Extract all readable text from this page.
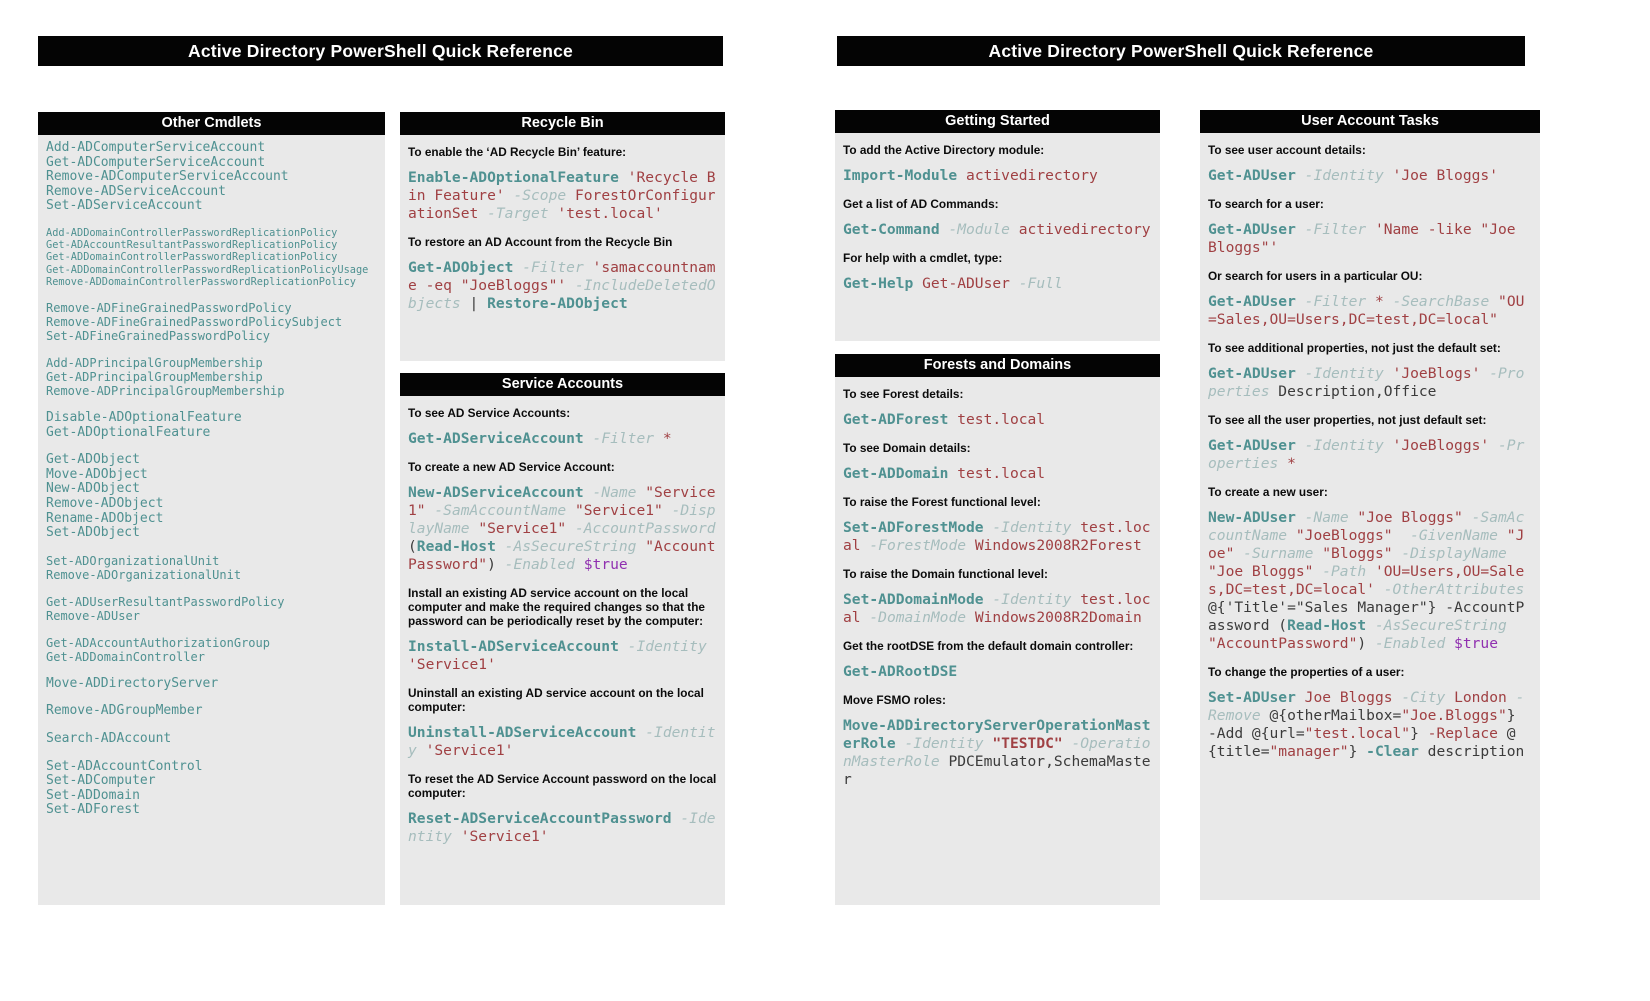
Active Directory PowerShell Quick Reference	Active Directory PowerShell Quick Reference
Other Cmdlets
Add-ADComputerServiceAccount
Get-ADComputerServiceAccount
Remove-ADComputerServiceAccount
Remove-ADServiceAccount
Set-ADServiceAccount
Add-ADDomainControllerPasswordReplicationPolicy
Get-ADAccountResultantPasswordReplicationPolicy
Get-ADDomainControllerPasswordReplicationPolicy
Get-ADDomainControllerPasswordReplicationPolicyUsage
Remove-ADDomainControllerPasswordReplicationPolicy
Remove-ADFineGrainedPasswordPolicy
Remove-ADFineGrainedPasswordPolicySubject
Set-ADFineGrainedPasswordPolicy
Add-ADPrincipalGroupMembership
Get-ADPrincipalGroupMembership
Remove-ADPrincipalGroupMembership
Disable-ADOptionalFeature
Get-ADOptionalFeature
Get-ADObject
Move-ADObject
New-ADObject
Remove-ADObject
Rename-ADObject
Set-ADObject
Set-ADOrganizationalUnit
Remove-ADOrganizationalUnit
Get-ADUserResultantPasswordPolicy
Remove-ADUser
Get-ADAccountAuthorizationGroup
Get-ADDomainController
Move-ADDirectoryServer
Remove-ADGroupMember
Search-ADAccount
Set-ADAccountControl
Set-ADComputer
Set-ADDomain
Set-ADForest
Recycle Bin
To enable the ‘AD Recycle Bin’ feature:
Enable-ADOptionalFeature 'Recycle Bin Feature' -Scope ForestOrConfigurationSet -Target 'test.local'
To restore an AD Account from the Recycle Bin
Get-ADObject -Filter 'samaccountname -eq "JoeBloggs"' -IncludeDeletedObjects | Restore-ADObject
Service Accounts
To see AD Service Accounts:
Get-ADServiceAccount -Filter *
To create a new AD Service Account:
New-ADServiceAccount -Name "Service1" -SamAccountName "Service1" -DisplayName "Service1" -AccountPassword (Read-Host -AsSecureString "AccountPassword") -Enabled $true
Install an existing AD service account on the local computer and make the required changes so that the password can be periodically reset by the computer:
Install-ADServiceAccount -Identity 'Service1'
Uninstall an existing AD service account on the local computer:
Uninstall-ADServiceAccount -Identity 'Service1'
To reset the AD Service Account password on the local computer:
Reset-ADServiceAccountPassword -Identity 'Service1'
Getting Started
To add the Active Directory module:
Import-Module activedirectory
Get a list of AD Commands:
Get-Command -Module activedirectory
For help with a cmdlet, type:
Get-Help Get-ADUser -Full
Forests and Domains
To see Forest details:
Get-ADForest test.local
To see Domain details:
Get-ADDomain test.local
To raise the Forest functional level:
Set-ADForestMode -Identity test.local -ForestMode Windows2008R2Forest
To raise the Domain functional level:
Set-ADDomainMode -Identity test.local -DomainMode Windows2008R2Domain
Get the rootDSE from the default domain controller:
Get-ADRootDSE
Move FSMO roles:
Move-ADDirectoryServerOperationMasterRole -Identity "TESTDC" -OperationMasterRole PDCEmulator,SchemaMaster
User Account Tasks
To see user account details:
Get-ADUser -Identity 'Joe Bloggs'
To search for a user:
Get-ADUser -Filter 'Name -like "Joe Bloggs"'
Or search for users in a particular OU:
Get-ADUser -Filter * -SearchBase "OU=Sales,OU=Users,DC=test,DC=local"
To see additional properties, not just the default set:
Get-ADUser -Identity 'JoeBlogs' -Properties Description,Office
To see all the user properties, not just default set:
Get-ADUser -Identity 'JoeBloggs' -Properties *
To create a new user:
New-ADUser -Name "Joe Bloggs" -SamAccountName "JoeBloggs" -GivenName "Joe" -Surname "Bloggs" -DisplayName "Joe Bloggs" -Path 'OU=Users,OU=Sales,DC=test,DC=local' -OtherAttributes @{'Title'="Sales Manager"} -AccountPassword (Read-Host -AsSecureString "AccountPassword") -Enabled $true
To change the properties of a user:
Set-ADUser Joe Bloggs -City London -Remove @{otherMailbox="Joe.Bloggs"} -Add @{url="test.local"} -Replace @{title="manager"} -Clear description
